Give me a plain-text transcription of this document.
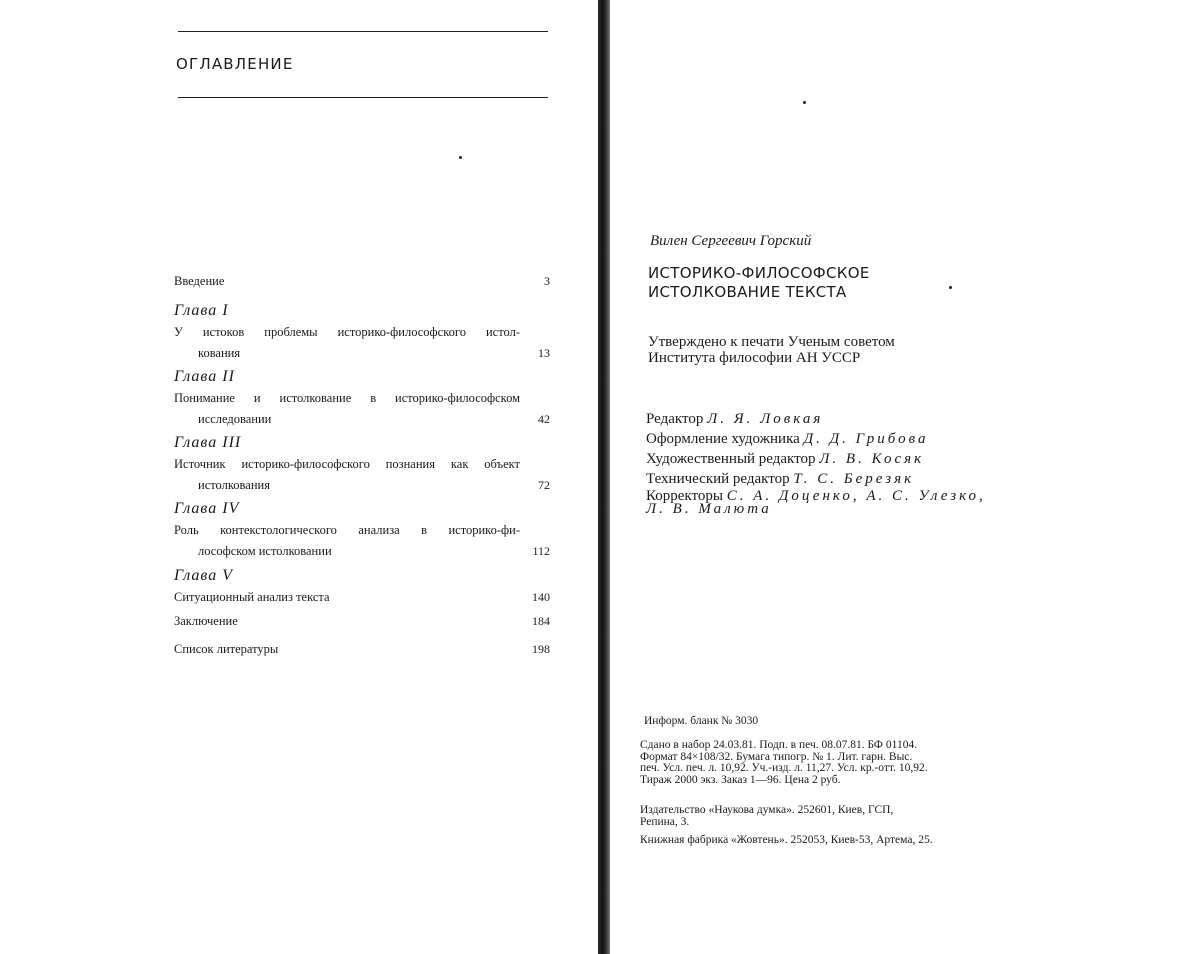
ОГЛАВЛЕНИЕ
Введение	3
Глава I
У истоков проблемы историко-философского истол-
кования	13
Глава II
Понимание и истолкование в историко-философском
исследовании	42
Глава III
Источник историко-философского познания как объект
истолкования	72
Глава IV
Роль контекстологического анализа в историко-фи-
лософском истолковании	112
Глава V
Ситуационный анализ текста	140
Заключение	184
Список литературы	198

Вилен Сергеевич Горский

ИСТОРИКО-ФИЛОСОФСКОЕ
ИСТОЛКОВАНИЕ ТЕКСТА
Утверждено к печати Ученым советом
Института философии АН УССР
Редактор Л. Я. Ловкая
Оформление художника Д. Д. Грибова
Художественный редактор Л. В. Косяк
Технический редактор Т. С. Березяк
Корректоры С. А. Доценко, А. С. Улезко,
Л. В. Малюта
Информ. бланк № 3030
Сдано в набор 24.03.81. Подп. в печ. 08.07.81. БФ 01104.
Формат 84×108/32. Бумага типогр. № 1. Лит. гарн. Выс.
печ. Усл. печ. л. 10,92. Уч.-изд. л. 11,27. Усл. кр.-отт. 10,92.
Тираж 2000 экз. Заказ 1—96. Цена 2 руб.
Издательство «Наукова думка». 252601, Киев, ГСП,
Репина, 3.
Книжная фабрика «Жовтень». 252053, Киев-53, Артема, 25.
